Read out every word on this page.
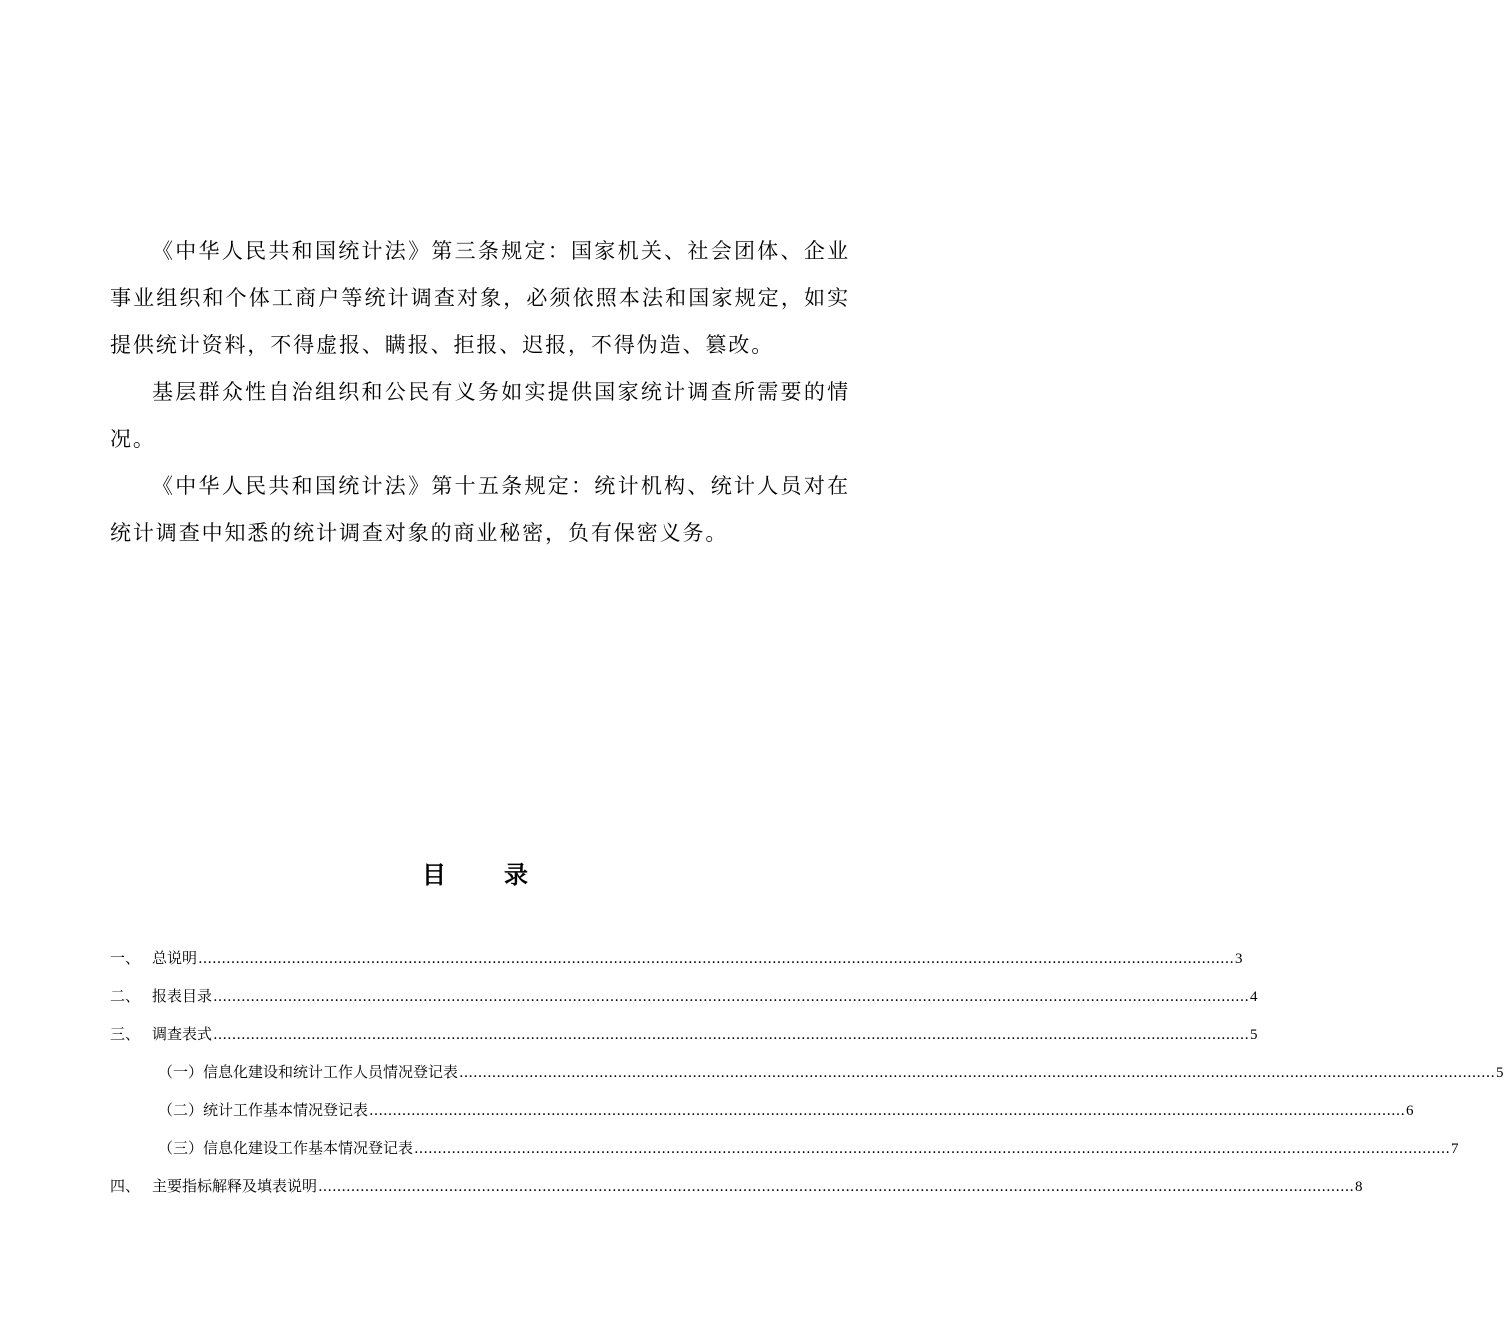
《中华人民共和国统计法》第三条规定：国家机关、社会团体、企业事业组织和个体工商户等统计调查对象，必须依照本法和国家规定，如实提供统计资料，不得虚报、瞒报、拒报、迟报，不得伪造、篡改。

基层群众性自治组织和公民有义务如实提供国家统计调查所需要的情况。

《中华人民共和国统计法》第十五条规定：统计机构、统计人员对在统计调查中知悉的统计调查对象的商业秘密，负有保密义务。

目录
一、 总说明 …………………………………………………………………………………………………………………………………………………………………………………………………… 3
二、 报表目录 …………………………………………………………………………………………………………………………………………………………………………………………………… 4
三、 调查表式 …………………………………………………………………………………………………………………………………………………………………………………………………… 5
（一）信息化建设和统计工作人员情况登记表 …………………………………………………………………………………………………………………………………………………………………………………………………… 5
（二）统计工作基本情况登记表 …………………………………………………………………………………………………………………………………………………………………………………………………… 6
（三）信息化建设工作基本情况登记表 …………………………………………………………………………………………………………………………………………………………………………………………………… 7
四、 主要指标解释及填表说明 …………………………………………………………………………………………………………………………………………………………………………………………………… 8
